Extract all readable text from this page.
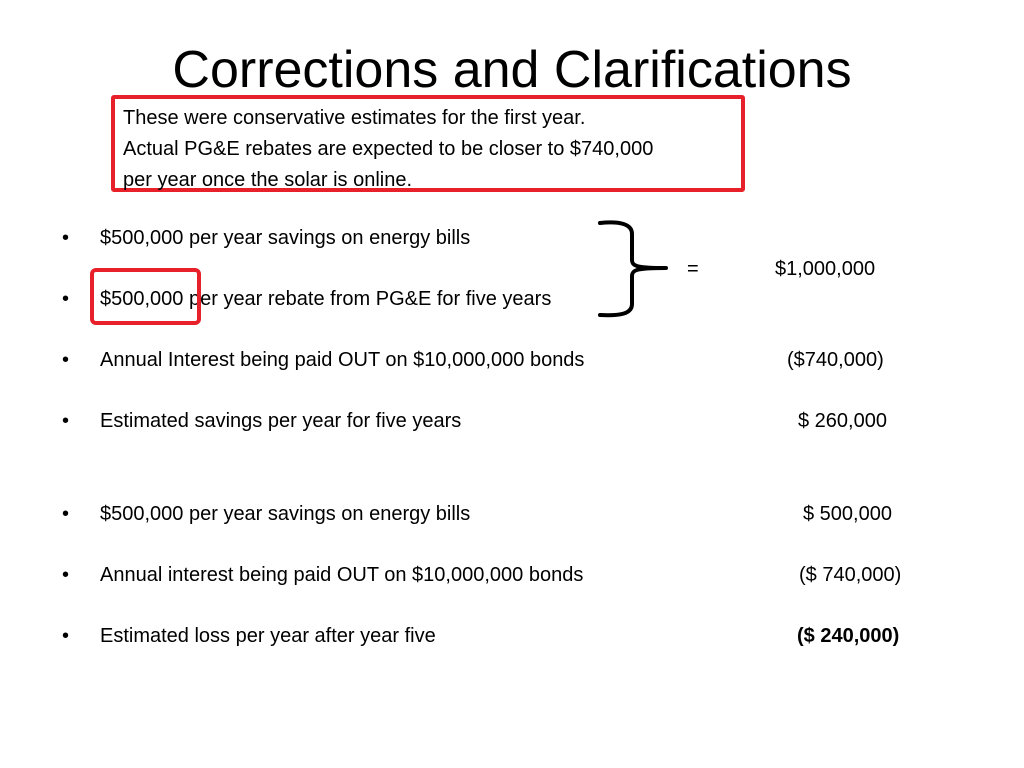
Corrections and Clarifications
These were conservative estimates for the first year.
Actual PG&E rebates are expected to be closer to $740,000
per year once the solar is online.
• $500,000 per year savings on energy bills
=	$1,000,000
• $500,000 per year rebate from PG&E for five years
• Annual Interest being paid OUT on $10,000,000 bonds	($740,000)
• Estimated savings per year for five years	$ 260,000
• $500,000 per year savings on energy bills	$ 500,000
• Annual interest being paid OUT on $10,000,000 bonds	($ 740,000)
• Estimated loss per year after year five	($ 240,000)
